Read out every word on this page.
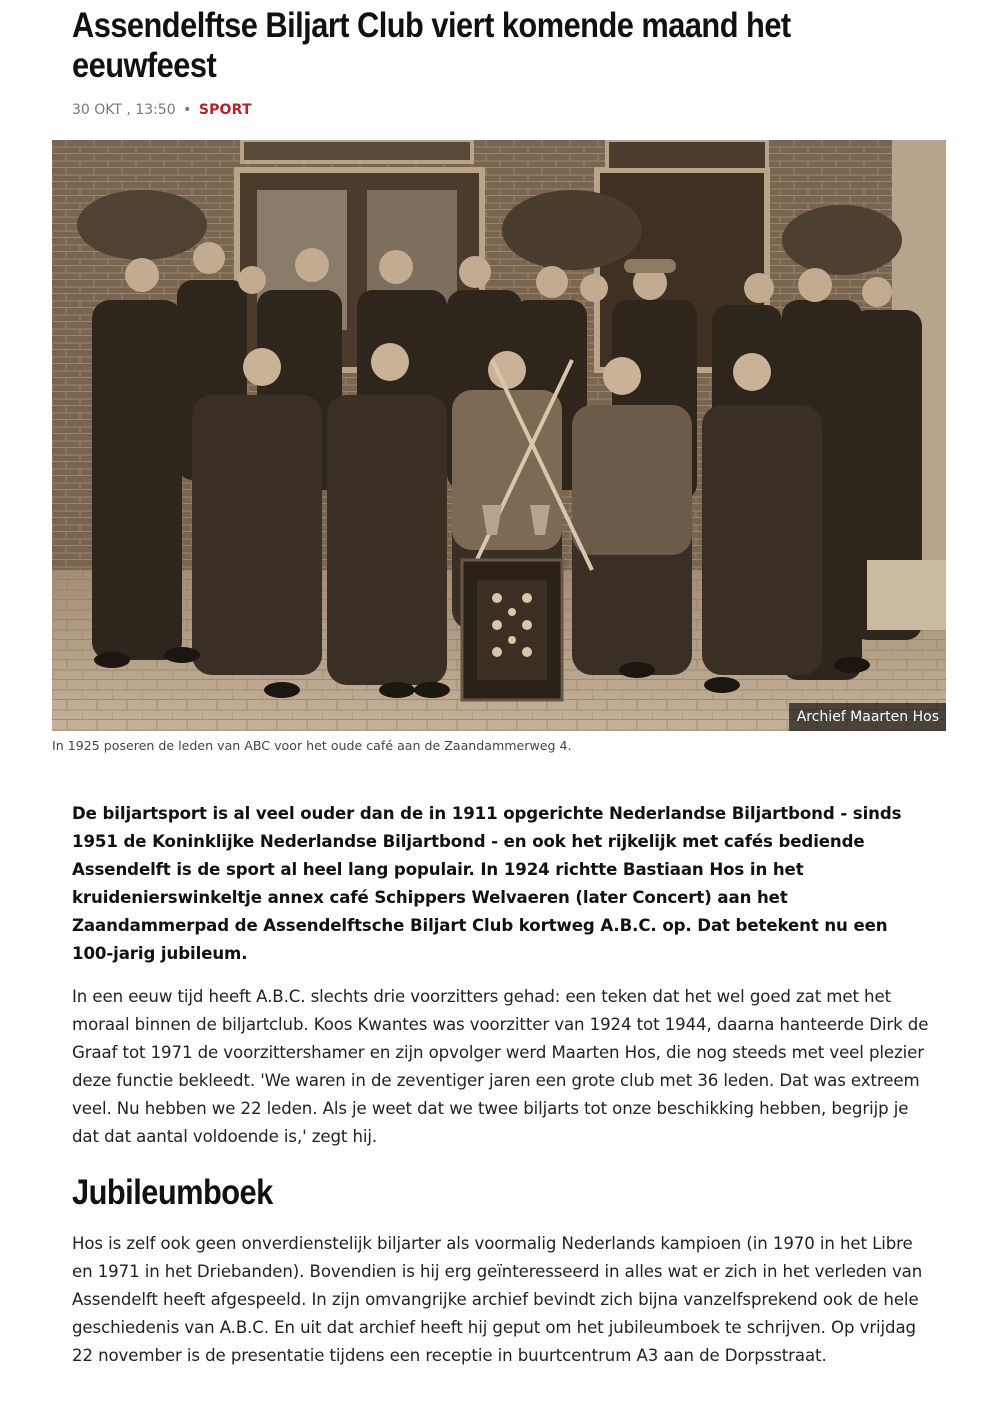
Assendelftse Biljart Club viert komende maand het eeuwfeest
30 OKT , 13:50 • SPORT
Archief Maarten Hos
In 1925 poseren de leden van ABC voor het oude café aan de Zaandammerweg 4.

De biljartsport is al veel ouder dan de in 1911 opgerichte Nederlandse Biljartbond - sinds 1951 de Koninklijke Nederlandse Biljartbond - en ook het rijkelijk met cafés bediende Assendelft is de sport al heel lang populair. In 1924 richtte Bastiaan Hos in het kruidenierswinkeltje annex café Schippers Welvaeren (later Concert) aan het Zaandammerpad de Assendelftsche Biljart Club kortweg A.B.C. op. Dat betekent nu een 100-jarig jubileum.

In een eeuw tijd heeft A.B.C. slechts drie voorzitters gehad: een teken dat het wel goed zat met het moraal binnen de biljartclub. Koos Kwantes was voorzitter van 1924 tot 1944, daarna hanteerde Dirk de Graaf tot 1971 de voorzittershamer en zijn opvolger werd Maarten Hos, die nog steeds met veel plezier deze functie bekleedt. 'We waren in de zeventiger jaren een grote club met 36 leden. Dat was extreem veel. Nu hebben we 22 leden. Als je weet dat we twee biljarts tot onze beschikking hebben, begrijp je dat dat aantal voldoende is,' zegt hij.

Jubileumboek

Hos is zelf ook geen onverdienstelijk biljarter als voormalig Nederlands kampioen (in 1970 in het Libre en 1971 in het Driebanden). Bovendien is hij erg geïnteresseerd in alles wat er zich in het verleden van Assendelft heeft afgespeeld. In zijn omvangrijke archief bevindt zich bijna vanzelfsprekend ook de hele geschiedenis van A.B.C. En uit dat archief heeft hij geput om het jubileumboek te schrijven. Op vrijdag 22 november is de presentatie tijdens een receptie in buurtcentrum A3 aan de Dorpsstraat.
